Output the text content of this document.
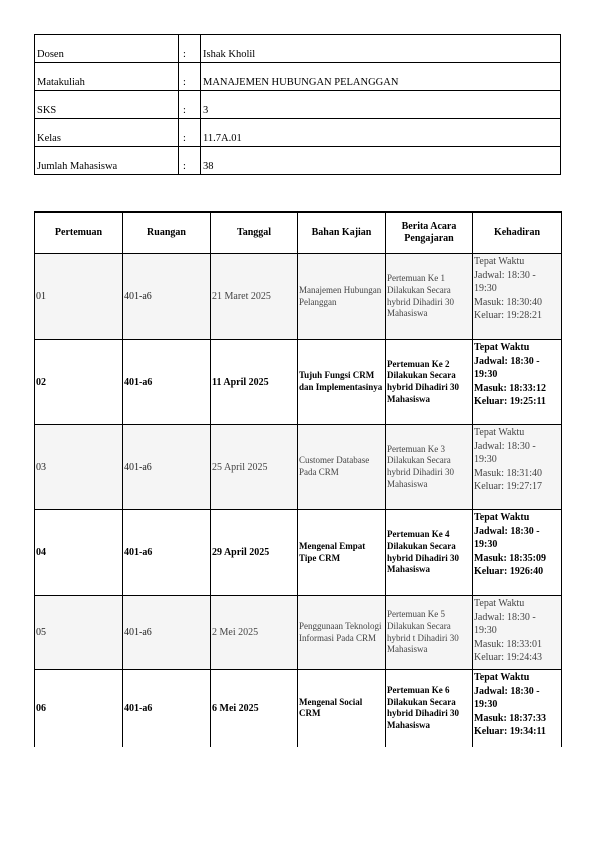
Dosen	:	Ishak Kholil
Matakuliah	:	MANAJEMEN HUBUNGAN PELANGGAN
SKS	:	3
Kelas	:	11.7A.01
Jumlah Mahasiswa	:	38
Pertemuan	Ruangan	Tanggal	Bahan Kajian	Berita Acara Pengajaran	Kehadiran
01	401-a6	21 Maret 2025	Manajemen Hubungan Pelanggan	Pertemuan Ke 1 Dilakukan Secara hybrid Dihadiri 30 Mahasiswa	Tepat Waktu
Jadwal: 18:30 - 19:30
Masuk: 18:30:40
Keluar: 19:28:21

02	401-a6	11 April 2025	Tujuh Fungsi CRM dan Implementasinya	Pertemuan Ke 2 Dilakukan Secara hybrid Dihadiri 30 Mahasiswa	Tepat Waktu
Jadwal: 18:30 - 19:30
Masuk: 18:33:12
Keluar: 19:25:11

03	401-a6	25 April 2025	Customer Database Pada CRM	Pertemuan Ke 3 Dilakukan Secara hybrid Dihadiri 30 Mahasiswa	Tepat Waktu
Jadwal: 18:30 - 19:30
Masuk: 18:31:40
Keluar: 19:27:17

04	401-a6	29 April 2025	Mengenal Empat Tipe CRM	Pertemuan Ke 4 Dilakukan Secara hybrid Dihadiri 30 Mahasiswa	Tepat Waktu
Jadwal: 18:30 - 19:30
Masuk: 18:35:09
Keluar: 1926:40

05	401-a6	2 Mei 2025	Penggunaan Teknologi Informasi Pada CRM	Pertemuan Ke 5 Dilakukan Secara hybrid t Dihadiri 30 Mahasiswa	Tepat Waktu
Jadwal: 18:30 - 19:30
Masuk: 18:33:01
Keluar: 19:24:43

06	401-a6	6 Mei 2025	Mengenal Social CRM	Pertemuan Ke 6 Dilakukan Secara hybrid Dihadiri 30 Mahasiswa	Tepat Waktu
Jadwal: 18:30 - 19:30
Masuk: 18:37:33
Keluar: 19:34:11
